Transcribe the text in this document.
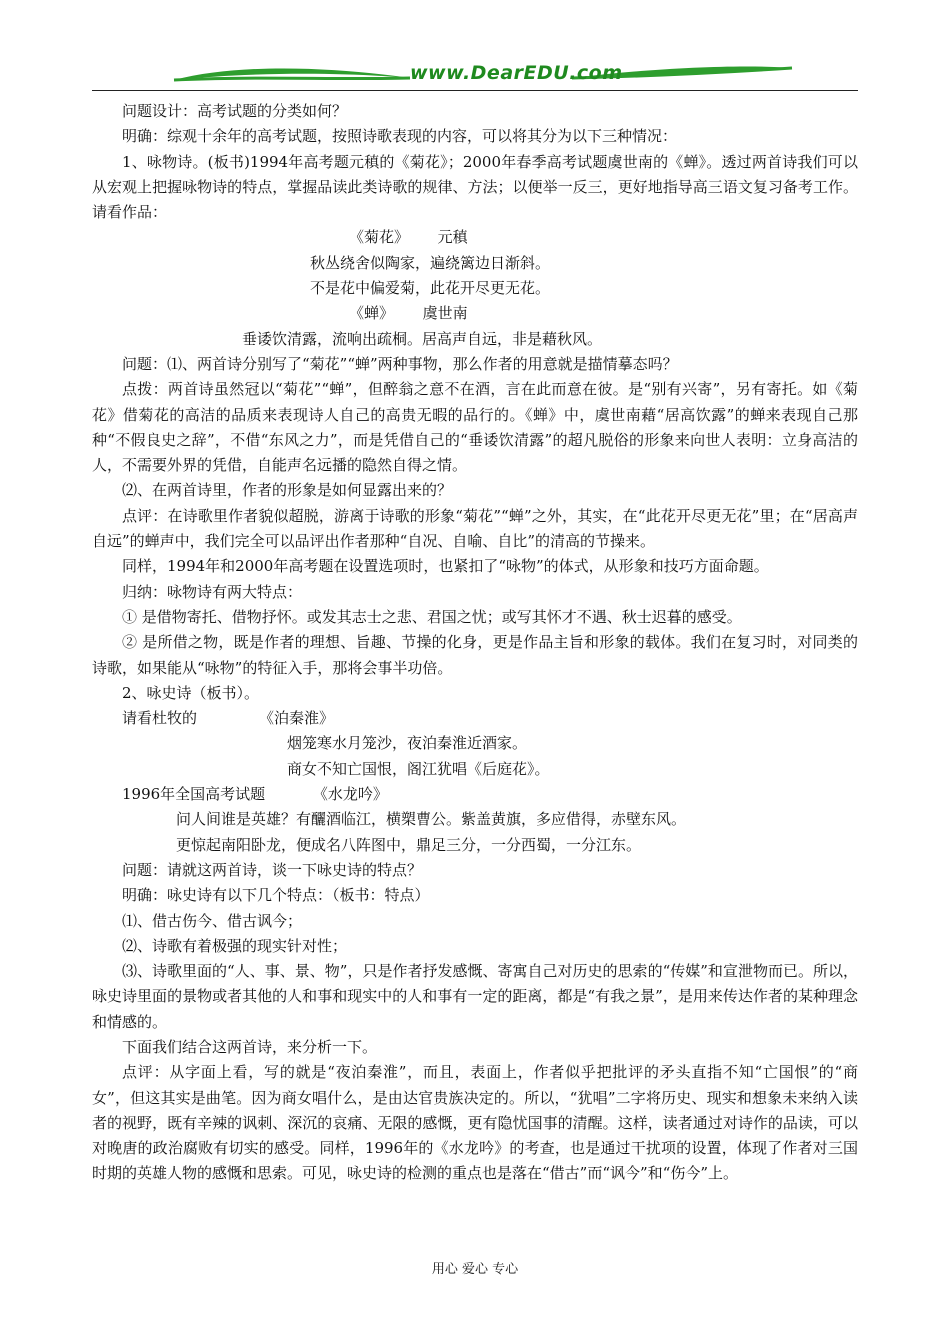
www.DearEDU.com
问题设计：高考试题的分类如何？
明确：综观十余年的高考试题，按照诗歌表现的内容，可以将其分为以下三种情况：
1、咏物诗。(板书)1994年高考题元稹的《菊花》；2000年春季高考试题虞世南的《蝉》。透过两首诗我们可以从宏观上把握咏物诗的特点，掌握品读此类诗歌的规律、方法；以便举一反三，更好地指导高三语文复习备考工作。请看作品：
《菊花》      元稹
秋丛绕舍似陶家，遍绕篱边日渐斜。
不是花中偏爱菊，此花开尽更无花。
《蝉》      虞世南
垂诿饮清露，流响出疏桐。居高声自远，非是藉秋风。
问题：⑴、两首诗分别写了“菊花”“蝉”两种事物，那么作者的用意就是描情摹态吗？
点拨：两首诗虽然冠以“菊花”“蝉”，但醉翁之意不在酒，言在此而意在彼。是“别有兴寄”，另有寄托。如《菊花》借菊花的高洁的品质来表现诗人自己的高贵无暇的品行的。《蝉》中，虞世南藉“居高饮露”的蝉来表现自己那种“不假良史之辞”，不借“东风之力”，而是凭借自己的“垂诿饮清露”的超凡脱俗的形象来向世人表明：立身高洁的人，不需要外界的凭借，自能声名远播的隐然自得之情。
⑵、在两首诗里，作者的形象是如何显露出来的？
点评：在诗歌里作者貌似超脱，游离于诗歌的形象“菊花”“蝉”之外，其实，在“此花开尽更无花”里；在“居高声自远”的蝉声中，我们完全可以品评出作者那种“自况、自喻、自比”的清高的节操来。
同样，1994年和2000年高考题在设置选项时，也紧扣了“咏物”的体式，从形象和技巧方面命题。
归纳：咏物诗有两大特点：
① 是借物寄托、借物抒怀。或发其志士之悲、君国之忧；或写其怀才不遇、秋士迟暮的感受。
② 是所借之物，既是作者的理想、旨趣、节操的化身，更是作品主旨和形象的载体。我们在复习时，对同类的诗歌，如果能从“咏物”的特征入手，那将会事半功倍。
2、咏史诗（板书）。
请看杜牧的             《泊秦淮》
烟笼寒水月笼沙，夜泊秦淮近酒家。
商女不知亡国恨，阁江犹唱《后庭花》。
1996年全国高考试题          《水龙吟》
问人间谁是英雄？有釃酒临江，横槊曹公。紫盖黄旗，多应借得，赤壁东风。
更惊起南阳卧龙，便成名八阵图中，鼎足三分，一分西蜀，一分江东。
问题：请就这两首诗，谈一下咏史诗的特点？
明确：咏史诗有以下几个特点：（板书：特点）
⑴、借古伤今、借古讽今；
⑵、诗歌有着极强的现实针对性；
⑶、诗歌里面的“人、事、景、物”，只是作者抒发感慨、寄寓自己对历史的思索的“传媒”和宣泄物而已。所以，咏史诗里面的景物或者其他的人和事和现实中的人和事有一定的距离，都是“有我之景”，是用来传达作者的某种理念和情感的。
下面我们结合这两首诗，来分析一下。
点评：从字面上看，写的就是“夜泊秦淮”，而且，表面上，作者似乎把批评的矛头直指不知“亡国恨”的“商女”，但这其实是曲笔。因为商女唱什么，是由达官贵族决定的。所以，“犹唱”二字将历史、现实和想象未来纳入读者的视野，既有辛辣的讽刺、深沉的哀痛、无限的感慨，更有隐忧国事的清醒。这样，读者通过对诗作的品读，可以对晚唐的政治腐败有切实的感受。同样，1996年的《水龙吟》的考查，也是通过干扰项的设置，体现了作者对三国时期的英雄人物的感慨和思索。可见，咏史诗的检测的重点也是落在“借古”而“讽今”和“伤今”上。
用心 爱心 专心
